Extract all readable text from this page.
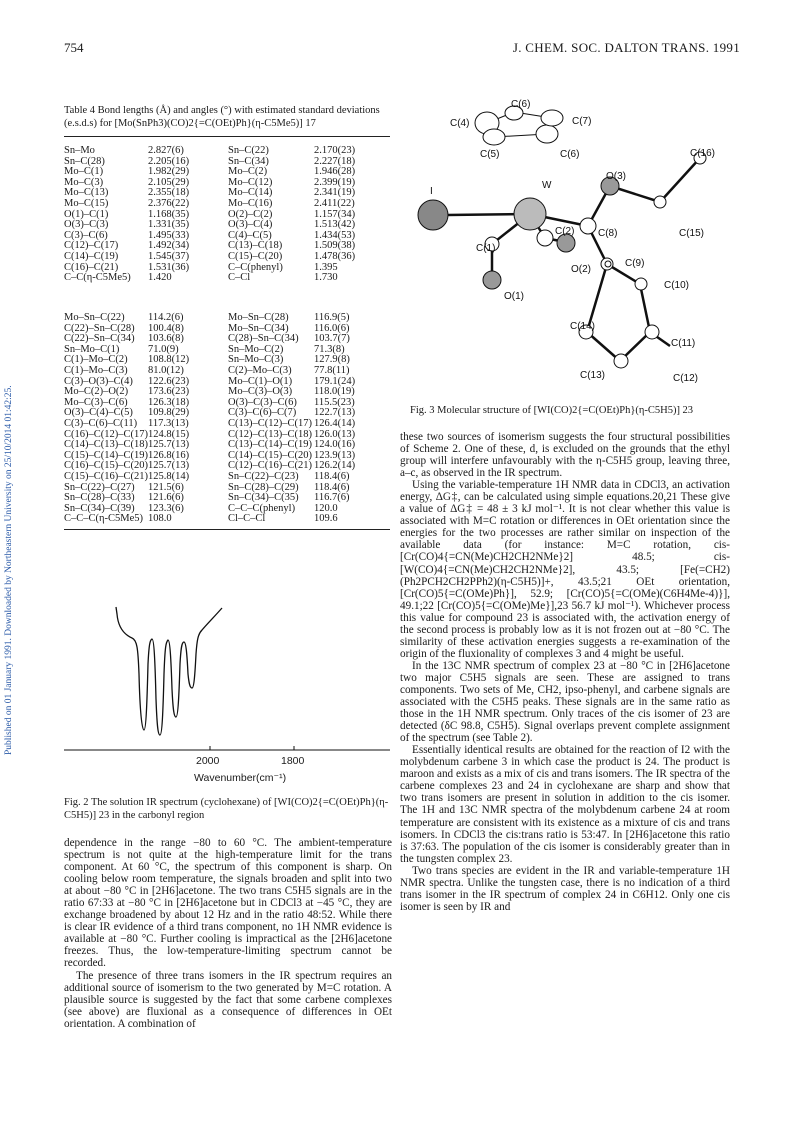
754	J. CHEM. SOC. DALTON TRANS. 1991
Published on 01 January 1991. Downloaded by Northeastern University on 25/10/2014 01:42:25.
Table 4 Bond lengths (Å) and angles (°) with estimated standard deviations (e.s.d.s) for [Mo(SnPh3)(CO)2{=C(OEt)Ph}(η-C5Me5)] 17
Sn–Mo	2.827(6)	Sn–C(22)	2.170(23)
Sn–C(28)	2.205(16)	Sn–C(34)	2.227(18)
Mo–C(1)	1.982(29)	Mo–C(2)	1.946(28)
Mo–C(3)	2.105(29)	Mo–C(12)	2.399(19)
Mo–C(13)	2.355(18)	Mo–C(14)	2.341(19)
Mo–C(15)	2.376(22)	Mo–C(16)	2.411(22)
O(1)–C(1)	1.168(35)	O(2)–C(2)	1.157(34)
O(3)–C(3)	1.331(35)	O(3)–C(4)	1.513(42)
C(3)–C(6)	1.495(33)	C(4)–C(5)	1.434(53)
C(12)–C(17)	1.492(34)	C(13)–C(18)	1.509(38)
C(14)–C(19)	1.545(37)	C(15)–C(20)	1.478(36)
C(16)–C(21)	1.531(36)	C–C(phenyl)	1.395
C–C(η-C5Me5)	1.420	C–Cl	1.730
Mo–Sn–C(22)	114.2(6)	Mo–Sn–C(28)	116.9(5)
C(22)–Sn–C(28)	100.4(8)	Mo–Sn–C(34)	116.0(6)
C(22)–Sn–C(34)	103.6(8)	C(28)–Sn–C(34)	103.7(7)
Sn–Mo–C(1)	71.0(9)	Sn–Mo–C(2)	71.3(8)
C(1)–Mo–C(2)	108.8(12)	Sn–Mo–C(3)	127.9(8)
C(1)–Mo–C(3)	81.0(12)	C(2)–Mo–C(3)	77.8(11)
C(3)–O(3)–C(4)	122.6(23)	Mo–C(1)–O(1)	179.1(24)
Mo–C(2)–O(2)	173.6(23)	Mo–C(3)–O(3)	118.0(19)
Mo–C(3)–C(6)	126.3(18)	O(3)–C(3)–C(6)	115.5(23)
O(3)–C(4)–C(5)	109.8(29)	C(3)–C(6)–C(7)	122.7(13)
C(3)–C(6)–C(11)	117.3(13)	C(13)–C(12)–C(17)	126.4(14)
C(16)–C(12)–C(17)	124.8(15)	C(12)–C(13)–C(18)	126.0(13)
C(14)–C(13)–C(18)	125.7(13)	C(13)–C(14)–C(19)	124.0(16)
C(15)–C(14)–C(19)	126.8(16)	C(14)–C(15)–C(20)	123.9(13)
C(16)–C(15)–C(20)	125.7(13)	C(12)–C(16)–C(21)	126.2(14)
C(15)–C(16)–C(21)	125.8(14)	Sn–C(22)–C(23)	118.4(6)
Sn–C(22)–C(27)	121.5(6)	Sn–C(28)–C(29)	118.4(6)
Sn–C(28)–C(33)	121.6(6)	Sn–C(34)–C(35)	116.7(6)
Sn–C(34)–C(39)	123.3(6)	C–C–C(phenyl)	120.0
C–C–C(η-C5Me5)	108.0	Cl–C–Cl	109.6
2000	1800
Wavenumber(cm⁻¹)
Fig. 2 The solution IR spectrum (cyclohexane) of [WI(CO)2{=C(OEt)Ph}(η-C5H5)] 23 in the carbonyl region

dependence in the range −80 to 60 °C. The ambient-temperature spectrum is not quite at the high-temperature limit for the trans component. At 60 °C, the spectrum of this component is sharp. On cooling below room temperature, the signals broaden and split into two at about −80 °C in [2H6]acetone. The two trans C5H5 signals are in the ratio 67:33 at −80 °C in [2H6]acetone but in CDCl3 at −45 °C, they are exchange broadened by about 12 Hz and in the ratio 48:52. While there is clear IR evidence of a third trans component, no 1H NMR evidence is available at −80 °C. Further cooling is impractical as the [2H6]acetone freezes. Thus, the low-temperature-limiting spectrum cannot be recorded.

The presence of three trans isomers in the IR spectrum requires an additional source of isomerism to the two generated by M=C rotation. A plausible source is suggested by the fact that some carbene complexes (see above) are fluxional as a consequence of differences in OEt orientation. A combination of

C(6)
C(4)	C(7)
C(5)	C(6)	C(16)
W
O(3)
I
C(2) C(8)	C(15)
C(1)
O(2)
C(9)
O(1)
C(10)
C(14)
C(11)
C(13)	C(12)
Fig. 3 Molecular structure of [WI(CO)2{=C(OEt)Ph}(η-C5H5)] 23

these two sources of isomerism suggests the four structural possibilities of Scheme 2. One of these, d, is excluded on the grounds that the ethyl group will interfere unfavourably with the η-C5H5 group, leaving three, a–c, as observed in the IR spectrum.

Using the variable-temperature 1H NMR data in CDCl3, an activation energy, ΔG‡, can be calculated using simple equations.20,21 These give a value of ΔG‡ = 48 ± 3 kJ mol⁻¹. It is not clear whether this value is associated with M=C rotation or differences in OEt orientation since the energies for the two processes are rather similar on inspection of the available data (for instance: M=C rotation, cis-[Cr(CO)4{=CN(Me)CH2CH2NMe}2] 48.5; cis- [W(CO)4{=CN(Me)CH2CH2NMe}2], 43.5; [Fe(=CH2)(Ph2PCH2CH2PPh2)(η-C5H5)]+, 43.5;21 OEt orientation, [Cr(CO)5{=C(OMe)Ph}], 52.9; [Cr(CO)5{=C(OMe)(C6H4Me-4)}], 49.1;22 [Cr(CO)5{=C(OMe)Me}],23 56.7 kJ mol⁻¹). Whichever process this value for compound 23 is associated with, the activation energy of the second process is probably low as it is not frozen out at −80 °C. The similarity of these activation energies suggests a re-examination of the origin of the fluxionality of complexes 3 and 4 might be useful.

In the 13C NMR spectrum of complex 23 at −80 °C in [2H6]acetone two major C5H5 signals are seen. These are assigned to trans components. Two sets of Me, CH2, ipso-phenyl, and carbene signals are associated with the C5H5 peaks. These signals are in the same ratio as those in the 1H NMR spectrum. Only traces of the cis isomer of 23 are detected (δC 98.8, C5H5). Signal overlaps prevent complete assignment of the spectrum (see Table 2).

Essentially identical results are obtained for the reaction of I2 with the molybdenum carbene 3 in which case the product is 24. The product is maroon and exists as a mix of cis and trans isomers. The IR spectra of the carbene complexes 23 and 24 in cyclohexane are sharp and show that two trans isomers are present in solution in addition to the cis isomer. The 1H and 13C NMR spectra of the molybdenum carbene 24 at room temperature are consistent with its existence as a mixture of cis and trans isomers. In CDCl3 the cis:trans ratio is 53:47. In [2H6]acetone this ratio is 37:63. The population of the cis isomer is considerably greater than in the tungsten complex 23.

Two trans species are evident in the IR and variable-temperature 1H NMR spectra. Unlike the tungsten case, there is no indication of a third trans isomer in the IR spectrum of complex 24 in C6H12. Only one cis isomer is seen by IR and
